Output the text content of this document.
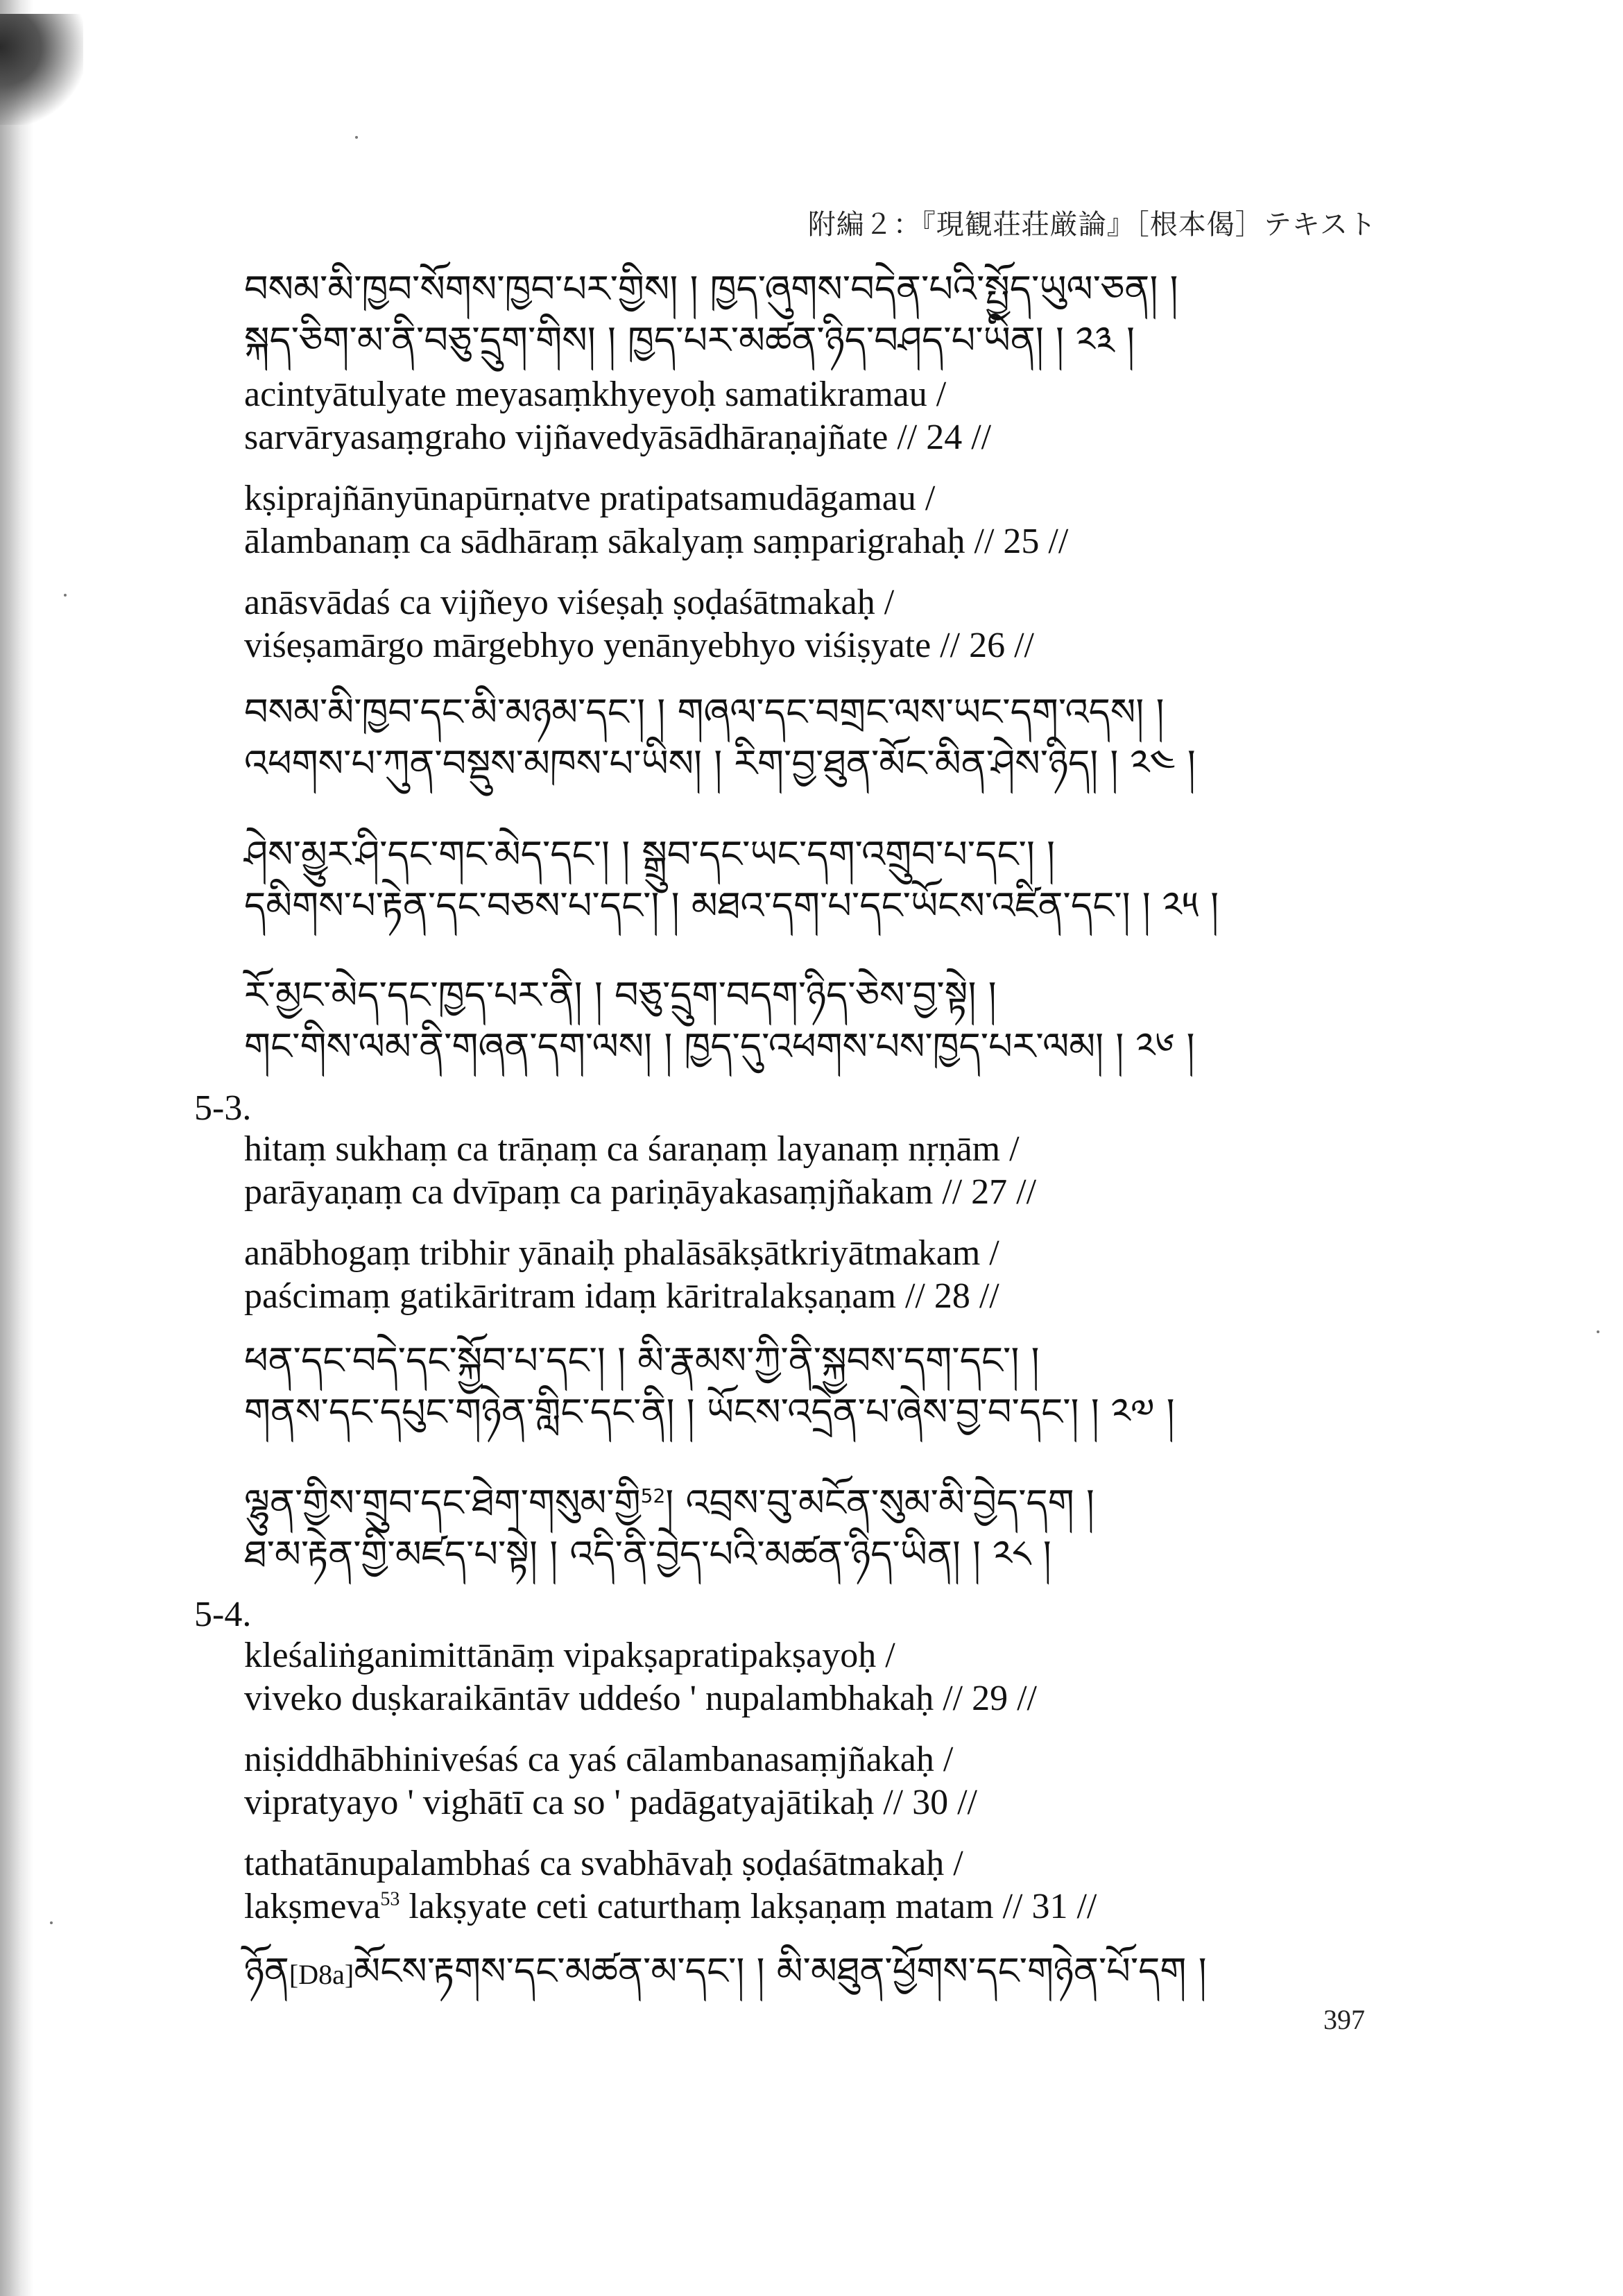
附編２：『現観荘荘厳論』［根本偈］テキスト
བསམ་མི་ཁྱབ་སོགས་ཁྱབ་པར་གྱིས། ། ཁྱད་ཞུགས་བདེན་པའི་སྤྱོད་ཡུལ་ཅན། །
སྐད་ཅིག་མ་ནི་བཅུ་དྲུག་གིས། ། ཁྱད་པར་མཚན་ཉིད་བཤད་པ་ཡིན། ། ༢༣ །
acintyātulyate meyasaṃkhyeyoḥ samatikramau /
sarvāryasaṃgraho vijñavedyāsādhāraṇajñate // 24 //
kṣiprajñānyūnapūrṇatve pratipatsamudāgamau /
ālambanaṃ ca sādhāraṃ sākalyaṃ saṃparigrahaḥ // 25 //
anāsvādaś ca vijñeyo viśeṣaḥ ṣoḍaśātmakaḥ /
viśeṣamārgo mārgebhyo yenānyebhyo viśiṣyate // 26 //
བསམ་མི་ཁྱབ་དང་མི་མཉམ་དང་། ། གཞལ་དང་བགྲང་ལས་ཡང་དག་འདས། །
འཕགས་པ་ཀུན་བསྡུས་མཁས་པ་ཡིས། ། རིག་བྱ་ཐུན་མོང་མིན་ཤེས་ཉིད། ། ༢༤ །
ཤེས་མྱུར་ཤི་དང་གང་མེད་དང་། ། སྒྲུབ་དང་ཡང་དག་འགྲུབ་པ་དང་། །
དམིགས་པ་རྟེན་དང་བཅས་པ་དང་། ། མཐའ་དག་པ་དང་ཡོངས་འཛིན་དང་། ། ༢༥ །
རོ་མྱང་མེད་དང་ཁྱད་པར་ནི། ། བཅུ་དྲུག་བདག་ཉིད་ཅེས་བྱ་སྟེ། །
གང་གིས་ལམ་ནི་གཞན་དག་ལས། ། ཁྱད་དུ་འཕགས་པས་ཁྱད་པར་ལམ། ། ༢༦ །
5-3.
hitaṃ sukhaṃ ca trāṇaṃ ca śaraṇaṃ layanaṃ nṛṇām /
parāyaṇaṃ ca dvīpaṃ ca pariṇāyakasaṃjñakam // 27 //
anābhogaṃ tribhir yānaiḥ phalāsākṣātkriyātmakam /
paścimaṃ gatikāritram idaṃ kāritralakṣaṇam // 28 //
ཕན་དང་བདེ་དང་སྐྱོབ་པ་དང་། ། མི་རྣམས་ཀྱི་ནི་སྐྱབས་དག་དང་། །
གནས་དང་དཔུང་གཉེན་གླིང་དང་ནི། ། ཡོངས་འདྲེན་པ་ཞེས་བྱ་བ་དང་། ། ༢༧ །
ལྷུན་གྱིས་གྲུབ་དང་ཐེག་གསུམ་གྱི$^{52}$། འབྲས་བུ་མངོན་སུམ་མི་བྱེད་དག །
ཐ་མ་རྟེན་གྱི་མཛད་པ་སྟེ། ། འདི་ནི་བྱེད་པའི་མཚན་ཉིད་ཡིན། ། ༢༨ །
5-4.
kleśaliṅganimittānāṃ vipakṣapratipakṣayoḥ /
viveko duṣkaraikāntāv uddeśo ' nupalambhakaḥ // 29 //
niṣiddhābhiniveśaś ca yaś cālambanasaṃjñakaḥ /
vipratyayo ' vighātī ca so ' padāgatyajātikaḥ // 30 //
tathatānupalambhaś ca svabhāvaḥ ṣoḍaśātmakaḥ /
lakṣmeva$^{53}$ lakṣyate ceti caturthaṃ lakṣaṇaṃ matam // 31 //
ཉོན[D8a]མོངས་རྟགས་དང་མཚན་མ་དང་། ། མི་མཐུན་ཕྱོགས་དང་གཉེན་པོ་དག །
397
